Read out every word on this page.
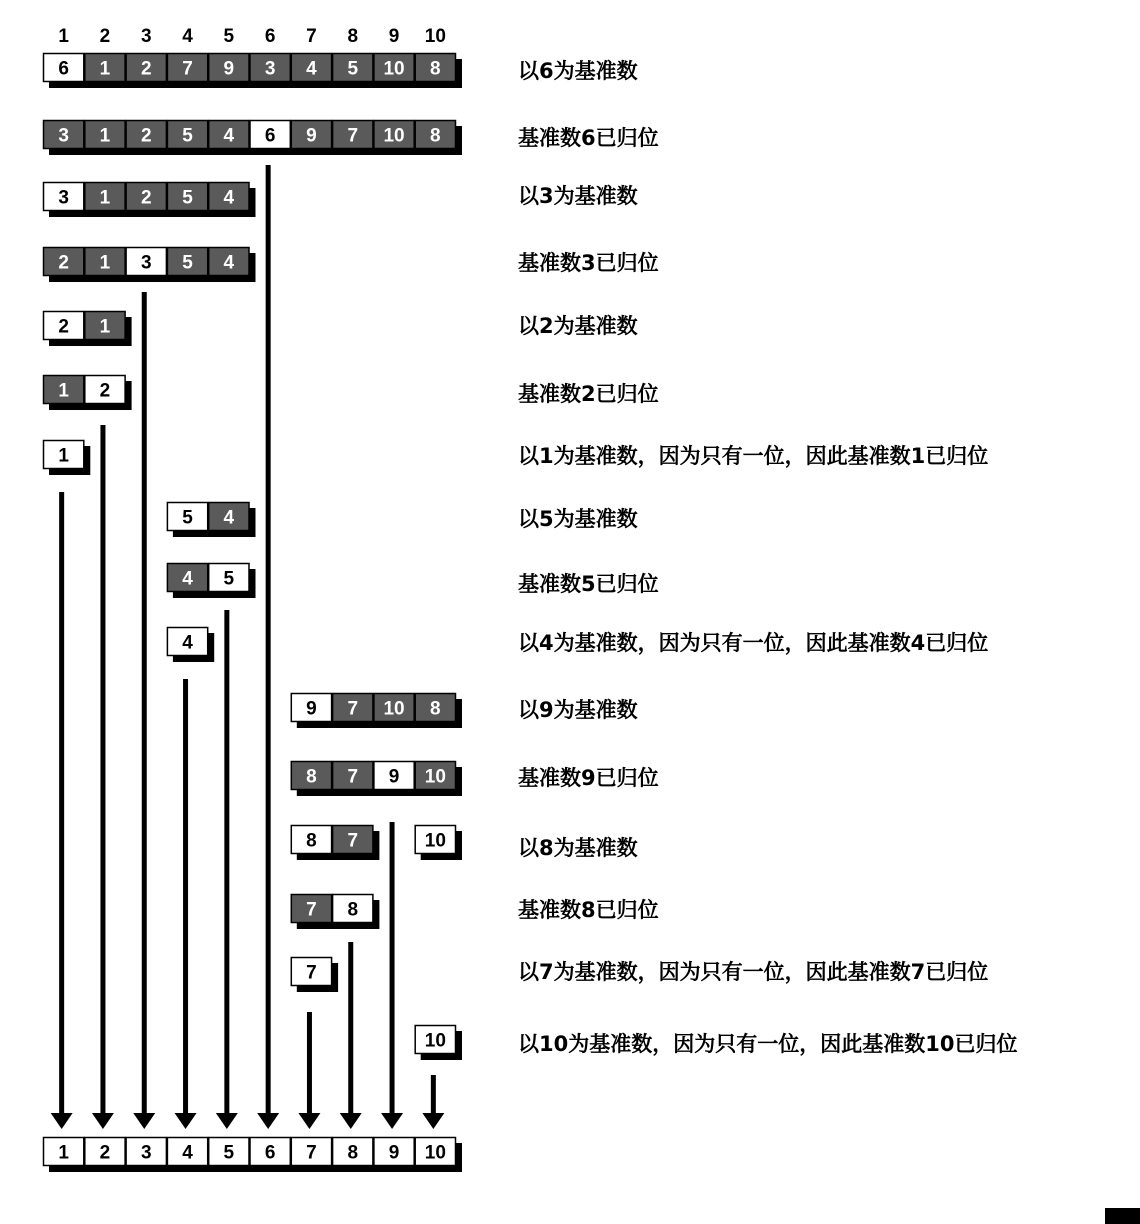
6 1 2 7 9 3 4 5 10 8
3 1 2 5 4 6 9 7 10 8
3 1 2 5 4
2 1 3 5 4
2 1
1 2
1
5 4
4 5
4
9 7 10 8
8 7 9 10
8 7	10
7 8
7
10
1 2 3 4 5 6 7 8 9 10
1 2 3 4 5 6 7 8 9 10
以6为基准数
基准数6已归位
以3为基准数
基准数3已归位
以2为基准数
基准数2已归位
以1为基准数，因为只有一位，因此基准数1已归位
以5为基准数
基准数5已归位
以4为基准数，因为只有一位，因此基准数4已归位
以9为基准数
基准数9已归位
以8为基准数
基准数8已归位
以7为基准数，因为只有一位，因此基准数7已归位
以10为基准数，因为只有一位，因此基准数10已归位
